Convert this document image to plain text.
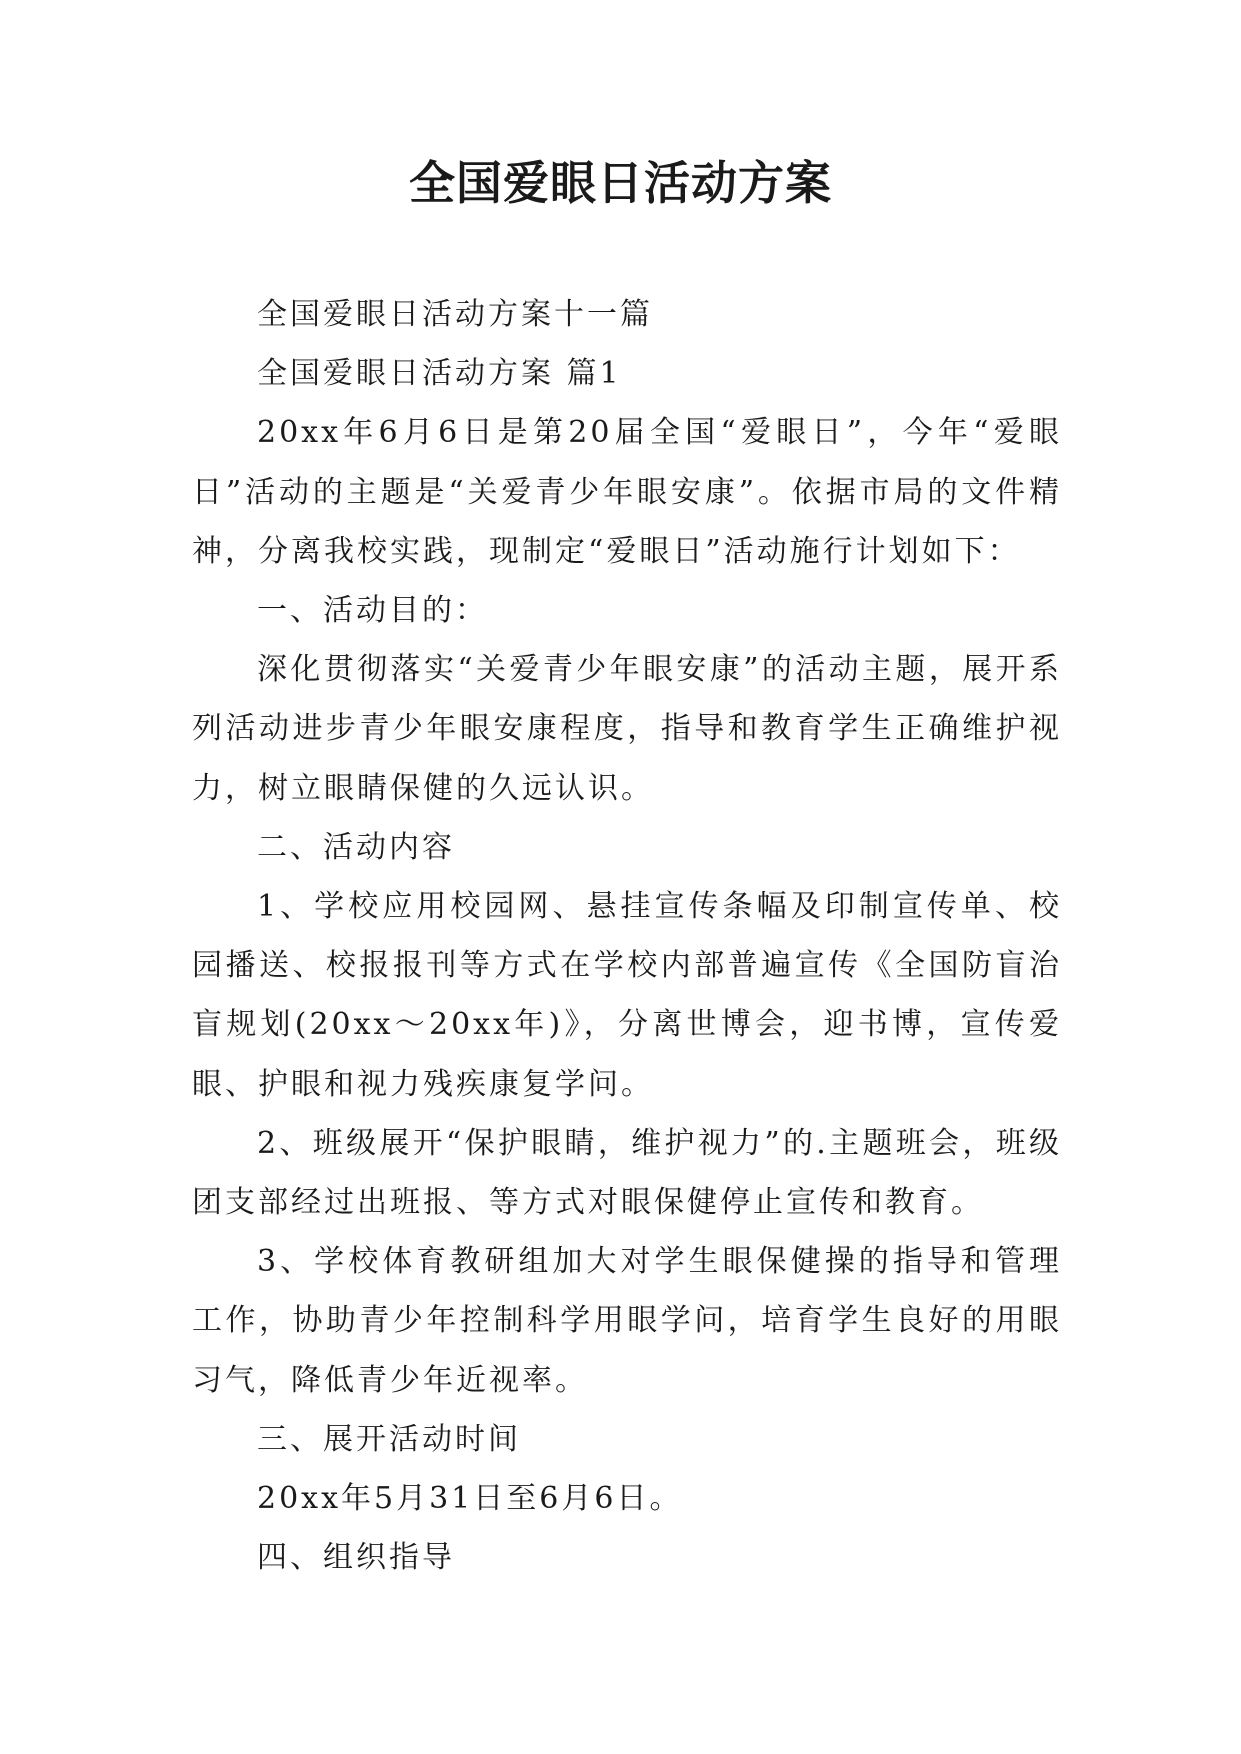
全国爱眼日活动方案

全国爱眼日活动方案十一篇

全国爱眼日活动方案 篇1

20xx年6月6日是第20届全国“爱眼日”，今年“爱眼日”活动的主题是“关爱青少年眼安康”。依据市局的文件精神，分离我校实践，现制定“爱眼日”活动施行计划如下：

一、活动目的：

深化贯彻落实“关爱青少年眼安康”的活动主题，展开系列活动进步青少年眼安康程度，指导和教育学生正确维护视力，树立眼睛保健的久远认识。

二、活动内容

1、学校应用校园网、悬挂宣传条幅及印制宣传单、校园播送、校报报刊等方式在学校内部普遍宣传《全国防盲治盲规划(20xx～20xx年)》，分离世博会，迎书博，宣传爱眼、护眼和视力残疾康复学问。

2、班级展开“保护眼睛，维护视力”的.主题班会，班级团支部经过出班报、等方式对眼保健停止宣传和教育。

3、学校体育教研组加大对学生眼保健操的指导和管理工作，协助青少年控制科学用眼学问，培育学生良好的用眼习气，降低青少年近视率。

三、展开活动时间

20xx年5月31日至6月6日。

四、组织指导
